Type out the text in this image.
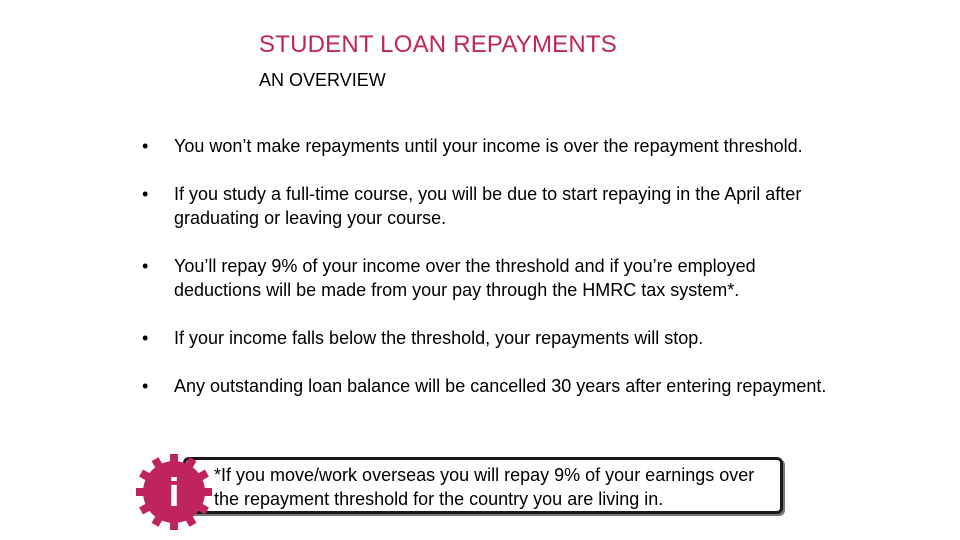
STUDENT LOAN REPAYMENTS
AN OVERVIEW
•	You won’t make repayments until your income is over the repayment threshold.
•	If you study a full-time course, you will be due to start repaying in the April after graduating or leaving your course.
•	You’ll repay 9% of your income over the threshold and if you’re employed deductions will be made from your pay through the HMRC tax system*.
•	If your income falls below the threshold, your repayments will stop.
•	Any outstanding loan balance will be cancelled 30 years after entering repayment.
*If you move/work overseas you will repay 9% of your earnings over the repayment threshold for the country you are living in.
i
